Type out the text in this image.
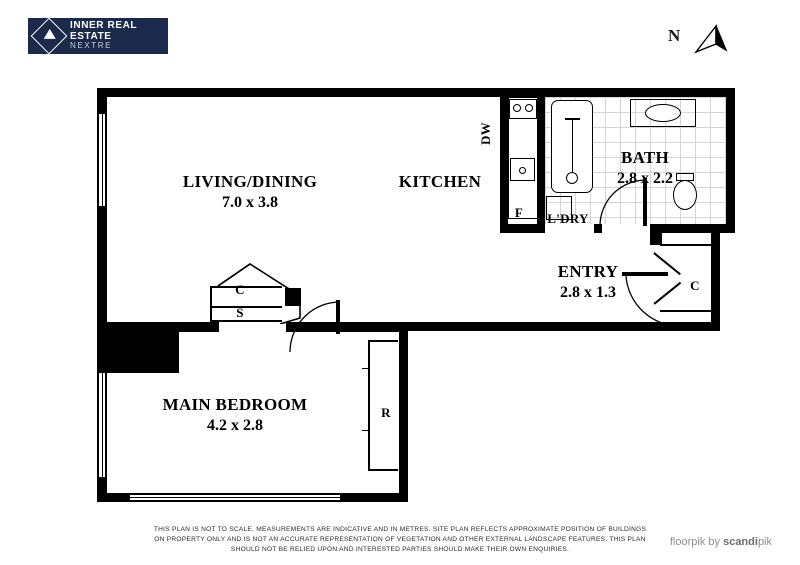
INNER REAL ESTATE
NEXTRE
N
LIVING/DINING
7.0 x 3.8
KITCHEN
BATH
2.8 x 2.2
L'DRY
ENTRY
2.8 x 1.3
MAIN BEDROOM
4.2 x 2.8
DW
F
C
S
C
R
THIS PLAN IS NOT TO SCALE. MEASUREMENTS ARE INDICATIVE AND IN METRES. SITE PLAN REFLECTS APPROXIMATE POSITION OF BUILDINGS ON PROPERTY ONLY AND IS NOT AN ACCURATE REPRESENTATION OF VEGETATION AND OTHER EXTERNAL LANDSCAPE FEATURES. THIS PLAN SHOULD NOT BE RELIED UPON AND INTERESTED PARTIES SHOULD MAKE THEIR OWN ENQUIRIES.
floorpik by scandipik
